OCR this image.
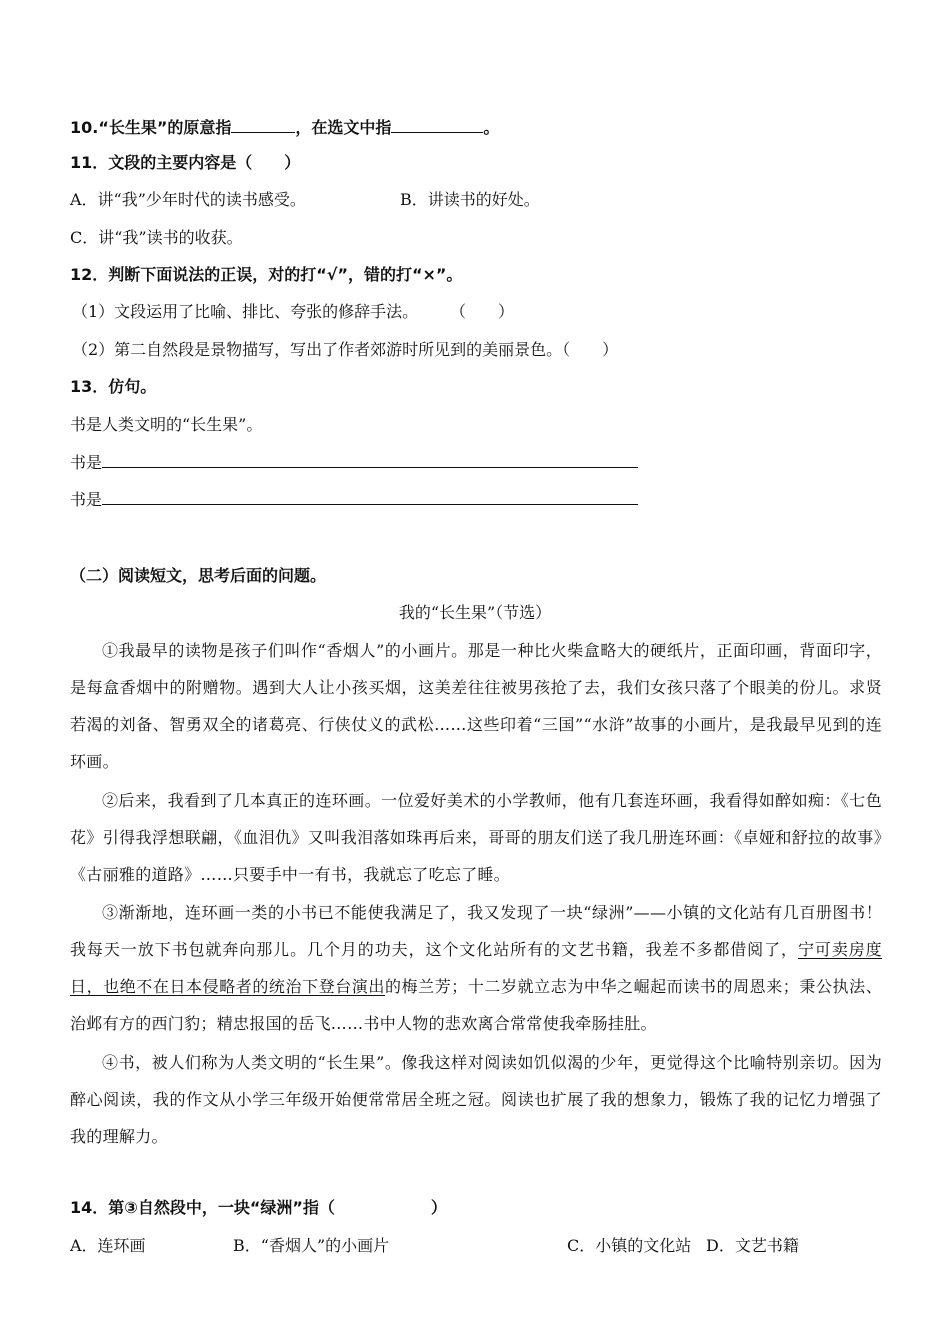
10.“长生果”的原意指	，在选文中指	。
11．文段的主要内容是（　　）
A．讲“我”少年时代的读书感受。	B．讲读书的好处。
C．讲“我”读书的收获。
12．判断下面说法的正误，对的打“√”，错的打“×”。
（1）文段运用了比喻、排比、夸张的修辞手法。 （　　）
（2）第二自然段是景物描写，写出了作者郊游时所见到的美丽景色。（　　）
13．仿句。
书是人类文明的“长生果”。
书是
书是
（二）阅读短文，思考后面的问题。
我的“长生果”（节选）
①我最早的读物是孩子们叫作“香烟人”的小画片。那是一种比火柴盒略大的硬纸片，正面印画，背面印字，是每盒香烟中的附赠物。遇到大人让小孩买烟，这美差往往被男孩抢了去，我们女孩只落了个眼美的份儿。求贤若渴的刘备、智勇双全的诸葛亮、行侠仗义的武松……这些印着“三国”“水浒”故事的小画片，是我最早见到的连环画。
②后来，我看到了几本真正的连环画。一位爱好美术的小学教师，他有几套连环画，我看得如醉如痴：《七色花》引得我浮想联翩，《血泪仇》又叫我泪落如珠再后来，哥哥的朋友们送了我几册连环画：《卓娅和舒拉的故事》《古丽雅的道路》……只要手中一有书，我就忘了吃忘了睡。
③渐渐地，连环画一类的小书已不能使我满足了，我又发现了一块“绿洲”——小镇的文化站有几百册图书！我每天一放下书包就奔向那儿。几个月的功夫，这个文化站所有的文艺书籍，我差不多都借阅了，宁可卖房度日，也绝不在日本侵略者的统治下登台演出的梅兰芳；十二岁就立志为中华之崛起而读书的周恩来；秉公执法、治邺有方的西门豹；精忠报国的岳飞……书中人物的悲欢离合常常使我牵肠挂肚。
④书，被人们称为人类文明的“长生果”。像我这样对阅读如饥似渴的少年，更觉得这个比喻特别亲切。因为醉心阅读，我的作文从小学三年级开始便常常居全班之冠。阅读也扩展了我的想象力，锻炼了我的记忆力增强了我的理解力。
14．第③自然段中，一块“绿洲”指（　　　　　　）
A．连环画	B．“香烟人”的小画片	C．小镇的文化站 D．文艺书籍
